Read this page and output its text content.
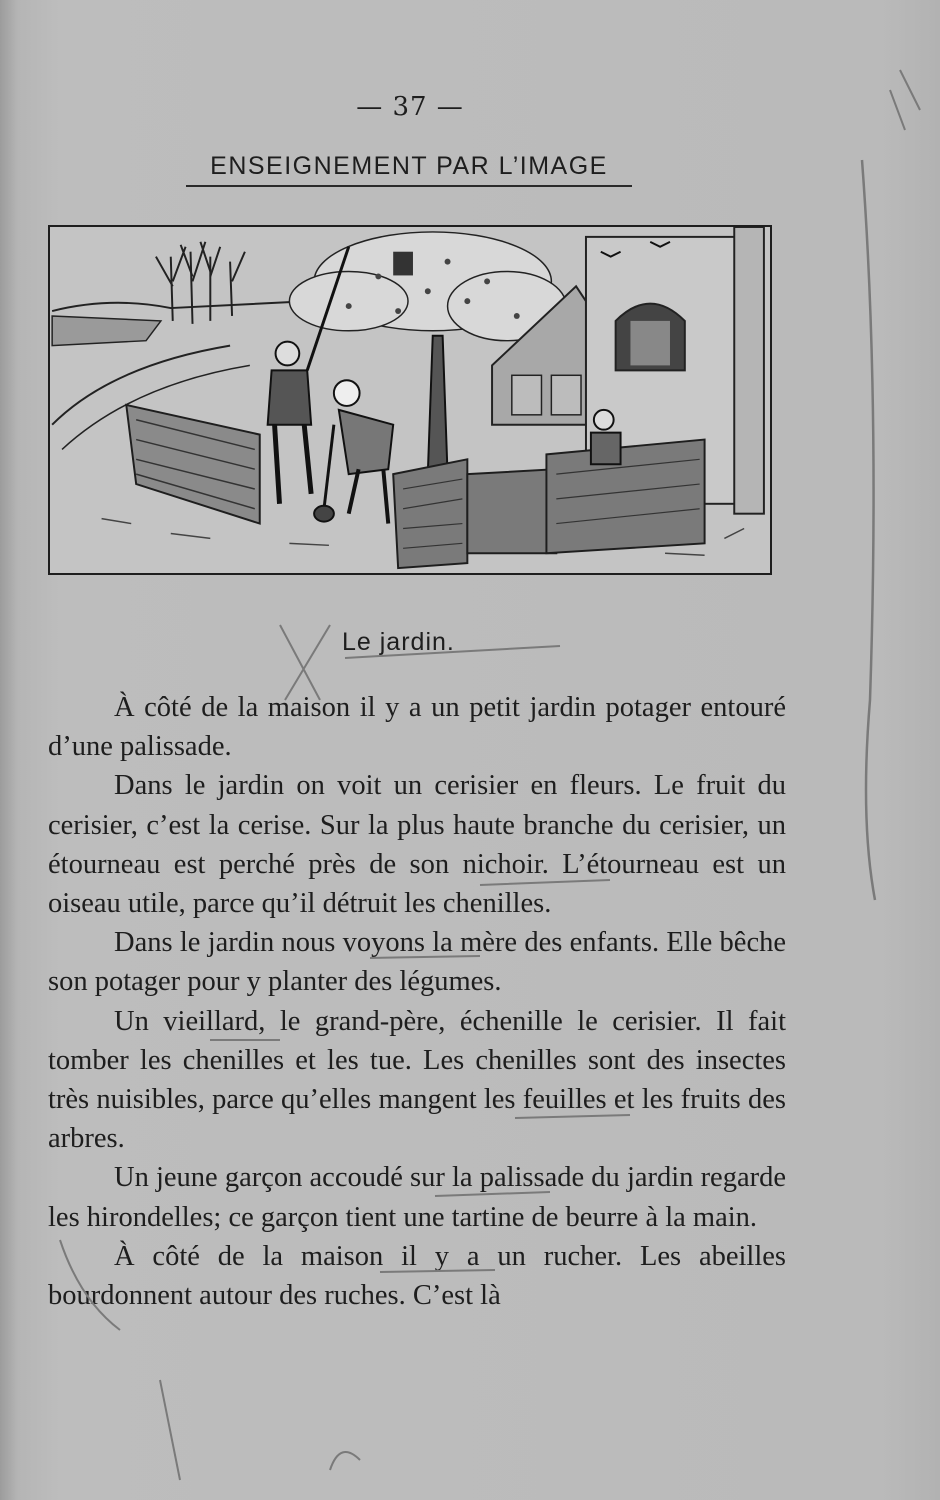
— 37 —
ENSEIGNEMENT PAR L’IMAGE
Le jardin.

À côté de la maison il y a un petit jardin potager entouré d’une palissade.

Dans le jardin on voit un cerisier en fleurs. Le fruit du cerisier, c’est la cerise. Sur la plus haute branche du cerisier, un étourneau est perché près de son nichoir. L’étourneau est un oiseau utile, parce qu’il détruit les chenilles.

Dans le jardin nous voyons la mère des enfants. Elle bêche son potager pour y planter des légumes.

Un vieillard, le grand-père, échenille le cerisier. Il fait tomber les chenilles et les tue. Les chenilles sont des insectes très nuisibles, parce qu’elles mangent les feuilles et les fruits des arbres.

Un jeune garçon accoudé sur la palissade du jardin regarde les hirondelles; ce garçon tient une tartine de beurre à la main.

À côté de la maison il y a un rucher. Les abeilles bourdonnent autour des ruches. C’est là
